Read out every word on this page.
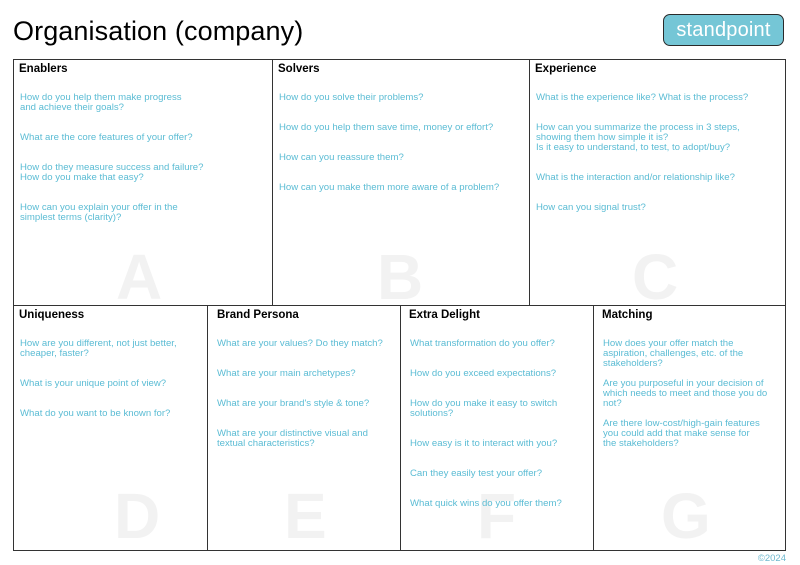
Organisation (company)	standpoint
A
Enablers
How do you help them make progress
and achieve their goals?
What are the core features of your offer?
How do they measure success and failure?
How do you make that easy?
How can you explain your offer in the
simplest terms (clarity)?
B
Solvers
How do you solve their problems?
How do you help them save time, money or effort?
How can you reassure them?
How can you make them more aware of a problem?
C
Experience
What is the experience like? What is the process?
How can you summarize the process in 3 steps,
showing them how simple it is?
Is it easy to understand, to test, to adopt/buy?
What is the interaction and/or relationship like?
How can you signal trust?
D
Uniqueness
How are you different, not just better,
cheaper, faster?
What is your unique point of view?
What do you want to be known for?
E
Brand Persona
What are your values? Do they match?
What are your main archetypes?
What are your brand's style & tone?
What are your distinctive visual and
textual characteristics?
F
Extra Delight
What transformation do you offer?
How do you exceed expectations?
How do you make it easy to switch
solutions?
How easy is it to interact with you?
Can they easily test your offer?
What quick wins do you offer them? G
Matching
How does your offer match the
aspiration, challenges, etc. of the
stakeholders?
Are you purposeful in your decision of
which needs to meet and those you do
not?
Are there low-cost/high-gain features
you could add that make sense for
the stakeholders?
©2024
